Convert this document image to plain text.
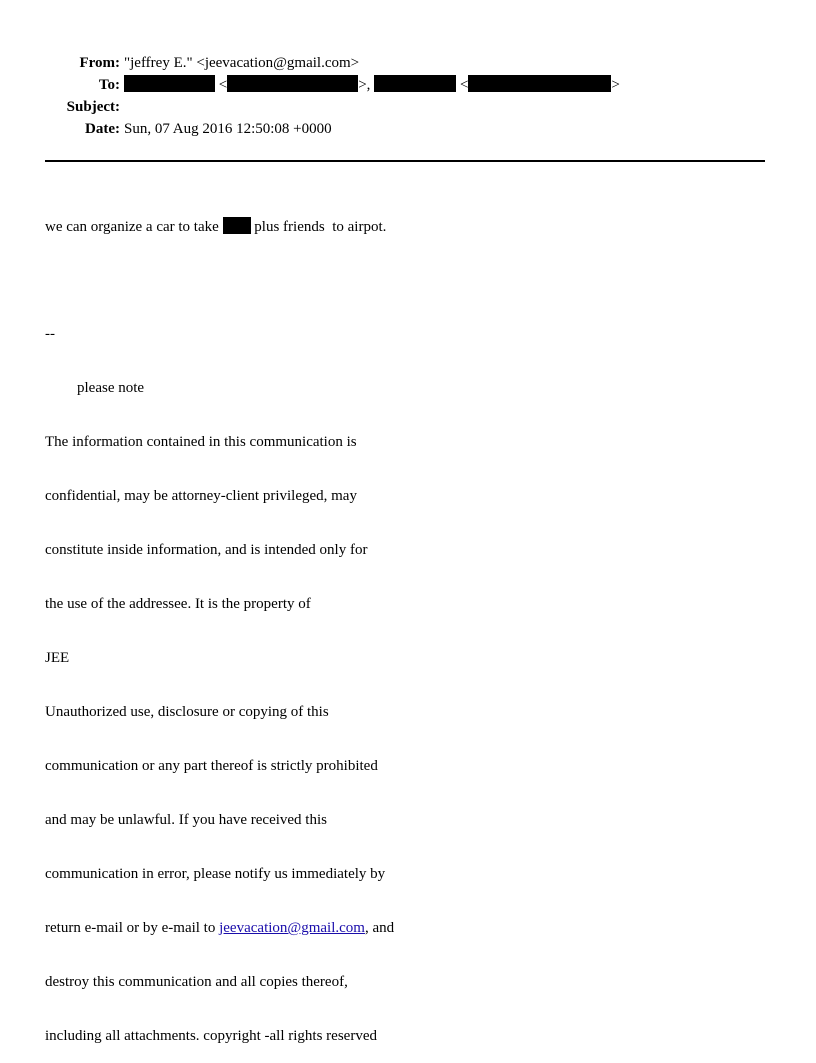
From: "jeffrey E." <jeevacation@gmail.com>
To:	<	>,	<	>
Subject:
Date: Sun, 07 Aug 2016 12:50:08 +0000

we can organize a car to take  plus friends  to airpot.

--

please note

The information contained in this communication is

confidential, may be attorney-client privileged, may

constitute inside information, and is intended only for

the use of the addressee. It is the property of

JEE

Unauthorized use, disclosure or copying of this

communication or any part thereof is strictly prohibited

and may be unlawful. If you have received this

communication in error, please notify us immediately by

return e-mail or by e-mail to jeevacation@gmail.com, and

destroy this communication and all copies thereof,

including all attachments. copyright -all rights reserved
